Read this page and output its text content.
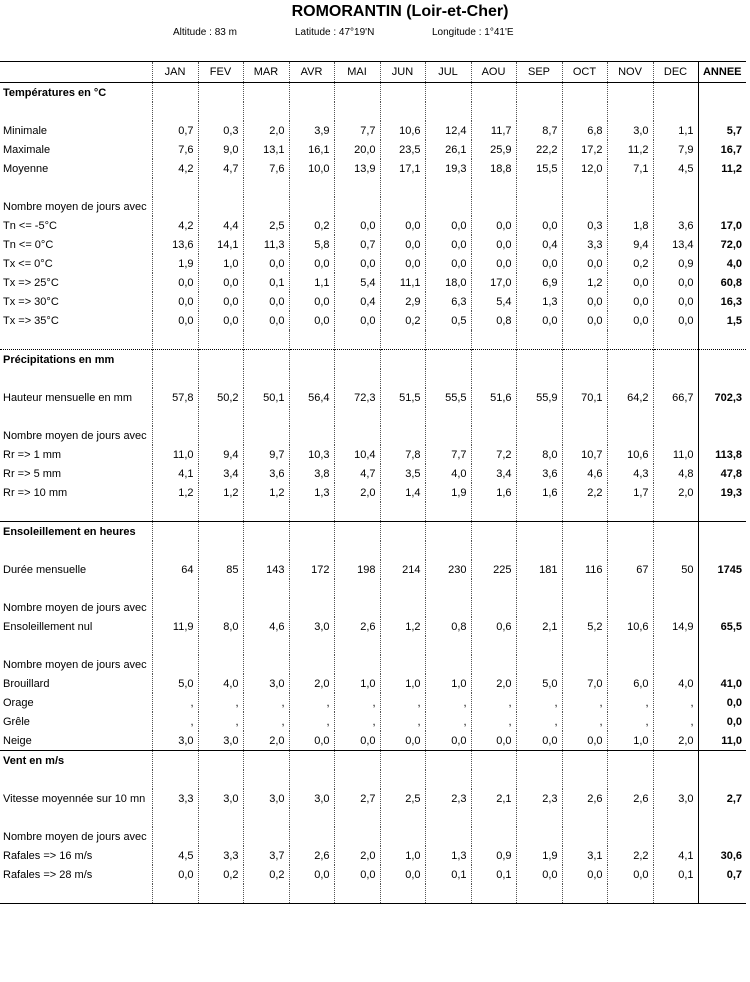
ROMORANTIN (Loir-et-Cher)
Altitude : 83 m	Latitude : 47°19'N	Longitude : 1°41'E
	JAN	FEV	MAR	AVR	MAI	JUN	JUL	AOU	SEP	OCT	NOV	DEC	ANNEE
Températures en °C													

Minimale	0,7	0,3	2,0	3,9	7,7	10,6	12,4	11,7	8,7	6,8	3,0	1,1	5,7
Maximale	7,6	9,0	13,1	16,1	20,0	23,5	26,1	25,9	22,2	17,2	11,2	7,9	16,7
Moyenne	4,2	4,7	7,6	10,0	13,9	17,1	19,3	18,8	15,5	12,0	7,1	4,5	11,2

Nombre moyen de jours avec													
Tn <= -5°C	4,2	4,4	2,5	0,2	0,0	0,0	0,0	0,0	0,0	0,3	1,8	3,6	17,0
Tn <= 0°C	13,6	14,1	11,3	5,8	0,7	0,0	0,0	0,0	0,4	3,3	9,4	13,4	72,0
Tx <= 0°C	1,9	1,0	0,0	0,0	0,0	0,0	0,0	0,0	0,0	0,0	0,2	0,9	4,0
Tx => 25°C	0,0	0,0	0,1	1,1	5,4	11,1	18,0	17,0	6,9	1,2	0,0	0,0	60,8
Tx => 30°C	0,0	0,0	0,0	0,0	0,4	2,9	6,3	5,4	1,3	0,0	0,0	0,0	16,3
Tx => 35°C	0,0	0,0	0,0	0,0	0,0	0,2	0,5	0,8	0,0	0,0	0,0	0,0	1,5

Précipitations en mm													

Hauteur mensuelle en mm	57,8	50,2	50,1	56,4	72,3	51,5	55,5	51,6	55,9	70,1	64,2	66,7	702,3

Nombre moyen de jours avec													
Rr => 1 mm	11,0	9,4	9,7	10,3	10,4	7,8	7,7	7,2	8,0	10,7	10,6	11,0	113,8
Rr => 5 mm	4,1	3,4	3,6	3,8	4,7	3,5	4,0	3,4	3,6	4,6	4,3	4,8	47,8
Rr => 10 mm	1,2	1,2	1,2	1,3	2,0	1,4	1,9	1,6	1,6	2,2	1,7	2,0	19,3

Ensoleillement en heures													

Durée mensuelle	64	85	143	172	198	214	230	225	181	116	67	50	1745

Nombre moyen de jours avec													
Ensoleillement nul	11,9	8,0	4,6	3,0	2,6	1,2	0,8	0,6	2,1	5,2	10,6	14,9	65,5

Nombre moyen de jours avec													
Brouillard	5,0	4,0	3,0	2,0	1,0	1,0	1,0	2,0	5,0	7,0	6,0	4,0	41,0
Orage	,	,	,	,	,	,	,	,	,	,	,	,	0,0
Grêle	,	,	,	,	,	,	,	,	,	,	,	,	0,0
Neige	3,0	3,0	2,0	0,0	0,0	0,0	0,0	0,0	0,0	0,0	1,0	2,0	11,0
Vent en m/s													

Vitesse moyennée sur 10 mn	3,3	3,0	3,0	3,0	2,7	2,5	2,3	2,1	2,3	2,6	2,6	3,0	2,7

Nombre moyen de jours avec													
Rafales => 16 m/s	4,5	3,3	3,7	2,6	2,0	1,0	1,3	0,9	1,9	3,1	2,2	4,1	30,6
Rafales => 28 m/s	0,0	0,2	0,2	0,0	0,0	0,0	0,1	0,1	0,0	0,0	0,0	0,1	0,7
